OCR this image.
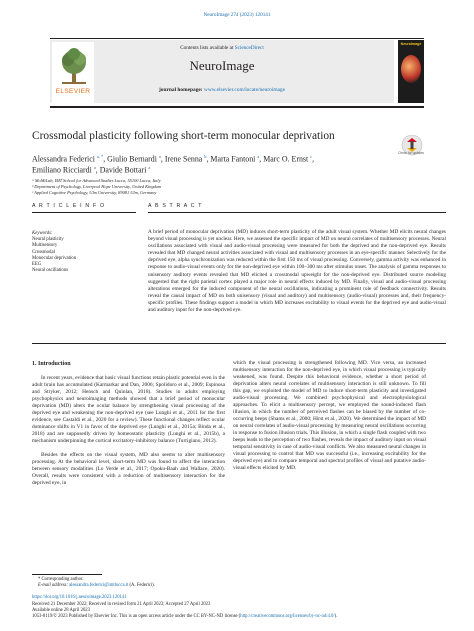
NeuroImage 274 (2023) 120141
ELSEVIER
Contents lists available at ScienceDirect
NeuroImage
journal homepage: www.elsevier.com/locate/neuroimage
NeuroImage
Crossmodal plasticity following short-term monocular deprivation
Check for updates
Alessandra Federici $^{a, *}$, Giulio Bernardi $^a$, Irene Senna $^b$, Marta Fantoni $^a$, Marc O. Ernst $^c$,
Emiliano Ricciardi $^a$, Davide Bottari $^a$
ᵃ MoMiLab, IMT School for Advanced Studies Lucca, 55100 Lucca, Italy
ᵇ Department of Psychology, Liverpool Hope University, United Kingdom
ᶜ Applied Cognitive Psychology, Ulm University, 89081 Ulm, Germany
A R T I C L E I N F O
Keywords:
Neural plasticity
Multisensory
Crossmodal
Monocular deprivation
EEG
Neural oscillations
A B S T R A C T
A brief period of monocular deprivation (MD) induces short-term plasticity of the adult visual system. Whether MD elicits neural changes beyond visual processing is yet unclear. Here, we assessed the specific impact of MD on neural correlates of multisensory processes. Neural oscillations associated with visual and audio-visual processing were measured for both the deprived and the non-deprived eye. Results revealed that MD changed neural activities associated with visual and multisensory processes in an eye-specific manner. Selectively for the deprived eye, alpha synchronization was reduced within the first 150 ms of visual processing. Conversely, gamma activity was enhanced in response to audio-visual events only for the non-deprived eye within 100–300 ms after stimulus onset. The analysis of gamma responses to unisensory auditory events revealed that MD elicited a crossmodal upweight for the non-deprived eye. Distributed source modeling suggested that the right parietal cortex played a major role in neural effects induced by MD. Finally, visual and audio-visual processing alterations emerged for the induced component of the neural oscillations, indicating a prominent role of feedback connectivity. Results reveal the causal impact of MD on both unisensory (visual and auditory) and multisensory (audio-visual) processes and, their frequency-specific profiles. These findings support a model in which MD increases excitability to visual events for the deprived eye and audio-visual and auditory input for the non-deprived eye.
1. Introduction

In recent years, evidence that basic visual functions retain plastic potential even in the adult brain has accumulated (Karmarkar and Dan, 2006; Spolidoro et al., 2009; Espinosa and Stryker, 2012; Hensch and Quinlan, 2018). Studies in adults employing psychophysics and neuroimaging methods showed that a brief period of monocular deprivation (MD) alters the ocular balance by strengthening visual processing of the deprived eye and weakening the non-deprived eye (see Lunghi et al., 2011 for the first evidence, see Castaldi et al., 2020 for a review). These functional changes reflect ocular dominance shifts in V1 in favor of the deprived eye (Lunghi et al., 2015a; Binda et al., 2018) and are supposedly driven by homeostatic plasticity (Lunghi et al., 2015b), a mechanism underpinning the cortical excitatory-inhibitory balance (Turrigiano, 2012).

Besides the effects on the visual system, MD also seems to alter multisensory processing. At the behavioral level, short-term MD was found to affect the interaction between sensory modalities (Lo Verde et al., 2017; Opoku-Baah and Wallace, 2020). Overall, results were consistent with a reduction of multisensory interaction for the deprived eye, in

which the visual processing is strengthened following MD. Vice versa, an increased multisensory interaction for the non-deprived eye, in which visual processing is typically weakened, was found. Despite this behavioral evidence, whether a short period of deprivation alters neural correlates of multisensory interaction is still unknown. To fill this gap, we exploited the model of MD to induce short-term plasticity and investigated audio-visual processing. We combined psychophysical and electrophysiological approaches. To elicit a multisensory percept, we employed the sound-induced flash illusion, in which the number of perceived flashes can be biased by the number of co-occurring beeps (Shams et al., 2000; Hirst et al., 2020). We determined the impact of MD on neural correlates of audio-visual processing by measuring neural oscillations occurring in response to fusion illusion trials. This illusion, in which a single flash coupled with two beeps leads to the perception of two flashes, reveals the impact of auditory input on visual temporal sensitivity in case of audio-visual conflicts. We also measured neural changes in visual processing to control that MD was successful (i.e., increasing excitability for the deprived eye) and to compare temporal and spectral profiles of visual and putative audio-visual effects elicited by MD.

* Corresponding author.
E-mail address: alessandra.federici@imtlucca.it (A. Federici).
https://doi.org/10.1016/j.neuroimage.2023.120141
Received 21 December 2022; Received in revised form 21 April 2023; Accepted 27 April 2023
Available online 28 April 2023
1053-8119/© 2023 Published by Elsevier Inc. This is an open access article under the CC BY-NC-ND license (http://creativecommons.org/licenses/by-nc-nd/4.0/).
